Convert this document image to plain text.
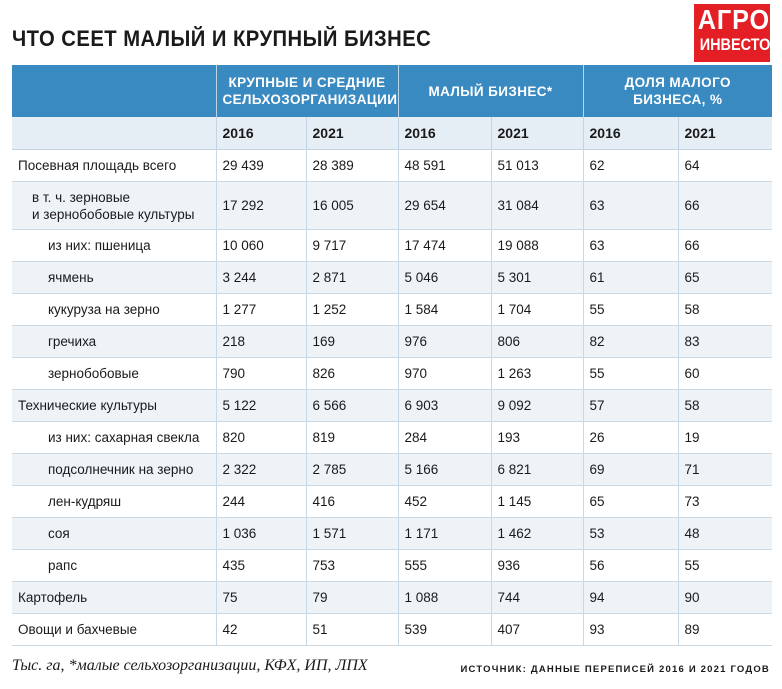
ЧТО СЕЕТ МАЛЫЙ И КРУПНЫЙ БИЗНЕС
АГРО
ИНВЕСТОР
	КРУПНЫЕ И СРЕДНИЕ СЕЛЬХОЗОРГАНИЗАЦИИ		МАЛЫЙ БИЗНЕС*		ДОЛЯ МАЛОГО БИЗНЕСА, %	
	2016	2021	2016	2021	2016	2021
Посевная площадь всего	29 439	28 389	48 591	51 013	62	64
в т. ч. зерновые
и зернобобовые культуры	17 292	16 005	29 654	31 084	63	66
из них: пшеница	10 060	9 717	17 474	19 088	63	66
ячмень	3 244	2 871	5 046	5 301	61	65
кукуруза на зерно	1 277	1 252	1 584	1 704	55	58
гречиха	218	169	976	806	82	83
зернобобовые	790	826	970	1 263	55	60
Технические культуры	5 122	6 566	6 903	9 092	57	58
из них: сахарная свекла	820	819	284	193	26	19
подсолнечник на зерно	2 322	2 785	5 166	6 821	69	71
лен-кудряш	244	416	452	1 145	65	73
соя	1 036	1 571	1 171	1 462	53	48
рапс	435	753	555	936	56	55
Картофель	75	79	1 088	744	94	90
Овощи и бахчевые	42	51	539	407	93	89
Тыс. га, *малые сельхозорганизации, КФХ, ИП, ЛПХ	ИСТОЧНИК: ДАННЫЕ ПЕРЕПИСЕЙ 2016 И 2021 ГОДОВ
